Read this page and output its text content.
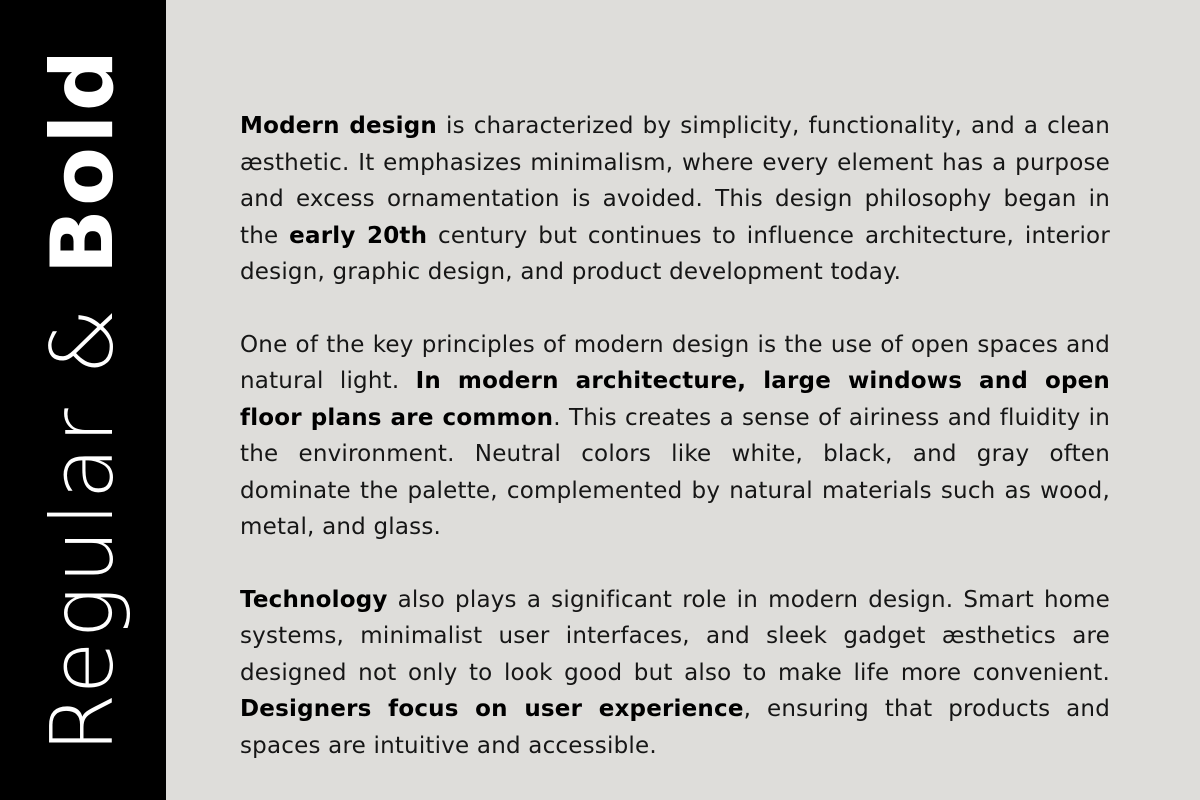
Regular & Bold	Modern design is characterized by simplicity, functionality, and a clean æsthetic. It emphasizes minimalism, where every element has a purpose and excess ornamentation is avoided. This design philosophy began in the early 20th century but continues to influence architecture, interior design, graphic design, and product development today.

One of the key principles of modern design is the use of open spaces and natural light. In modern architecture, large windows and open floor plans are common. This creates a sense of airiness and fluidity in the environment. Neutral colors like white, black, and gray often dominate the palette, complemented by natural materials such as wood, metal, and glass.

Technology also plays a significant role in modern design. Smart home systems, minimalist user interfaces, and sleek gadget æsthetics are designed not only to look good but also to make life more convenient. Designers focus on user experience, ensuring that products and spaces are intuitive and accessible.
